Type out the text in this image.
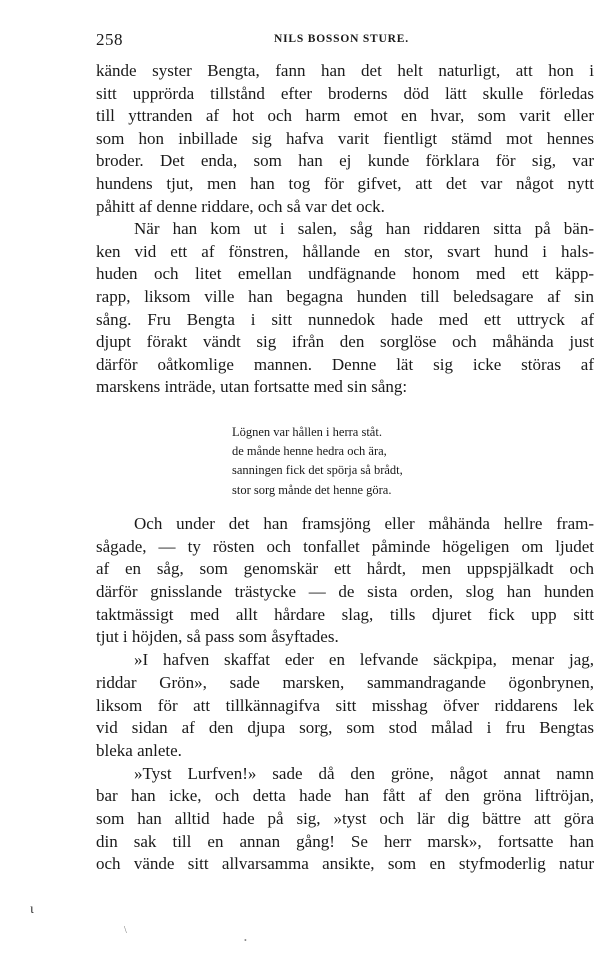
258	NILS BOSSON STURE.
kände syster Bengta, fann han det helt naturligt, att hon i
sitt upprörda tillstånd efter broderns död lätt skulle förledas
till yttranden af hot och harm emot en hvar, som varit eller
som hon inbillade sig hafva varit fientligt stämd mot hennes
broder. Det enda, som han ej kunde förklara för sig, var
hundens tjut, men han tog för gifvet, att det var något nytt
påhitt af denne riddare, och så var det ock.
När han kom ut i salen, såg han riddaren sitta på bän-
ken vid ett af fönstren, hållande en stor, svart hund i hals-
huden och litet emellan undfägnande honom med ett käpp-
rapp, liksom ville han begagna hunden till beledsagare af sin
sång. Fru Bengta i sitt nunnedok hade med ett uttryck af
djupt förakt vändt sig ifrån den sorglöse och måhända just
därför oåtkomlige mannen. Denne lät sig icke störas af
marskens inträde, utan fortsatte med sin sång:
Lögnen var hållen i herra ståt.
de månde henne hedra och ära,
sanningen fick det spörja så brådt,
stor sorg månde det henne göra.
Och under det han framsjöng eller måhända hellre fram-
sågade, — ty rösten och tonfallet påminde högeligen om ljudet
af en såg, som genomskär ett hårdt, men uppspjälkadt och
därför gnisslande trästycke — de sista orden, slog han hunden
taktmässigt med allt hårdare slag, tills djuret fick upp sitt
tjut i höjden, så pass som åsyftades.
»I hafven skaffat eder en lefvande säckpipa, menar jag,
riddar Grön», sade marsken, sammandragande ögonbrynen,
liksom för att tillkännagifva sitt misshag öfver riddarens lek
vid sidan af den djupa sorg, som stod målad i fru Bengtas
bleka anlete.
»Tyst Lurfven!» sade då den gröne, något annat namn
bar han icke, och detta hade han fått af den gröna liftröjan,
som han alltid hade på sig, »tyst och lär dig bättre att göra
din sak till en annan gång! Se herr marsk», fortsatte han
och vände sitt allvarsamma ansikte, som en styfmoderlig natur
ι
\
•
